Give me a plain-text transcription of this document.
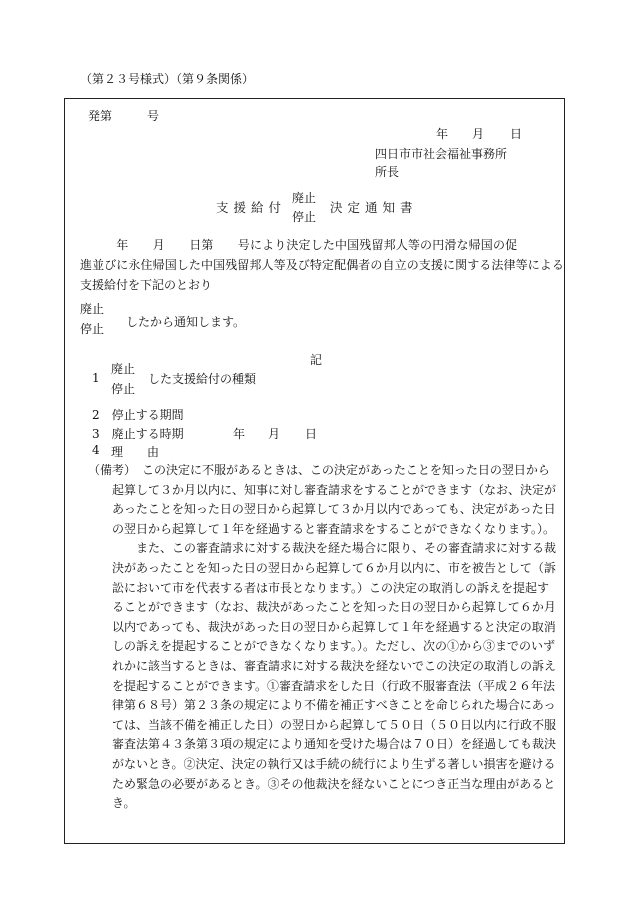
（第２３号様式）（第９条関係）
発第	号
年 月 日
四日市市社会福祉事務所
所長
支援給付
廃止
停止
決定通知書
　　年　　月　　日第　　号により決定した中国残留邦人等の円滑な帰国の促
進並びに永住帰国した中国残留邦人等及び特定配偶者の自立の支援に関する法律等による
支援給付を下記のとおり
廃止
停止 したから通知します。
記
1
廃止
停止
した支援給付の種類
2　停止する期間
3　廃止する時期	年 月 日
4 理　　由

（備考）　この決定に不服があるときは、この決定があったことを知った日の翌日から起算して３か月以内に、知事に対し審査請求をすることができます（なお、決定があったことを知った日の翌日から起算して３か月以内であっても、決定があった日の翌日から起算して１年を経過すると審査請求をすることができなくなります。）。

また、この審査請求に対する裁決を経た場合に限り、その審査請求に対する裁決があったことを知った日の翌日から起算して６か月以内に、市を被告として（訴訟において市を代表する者は市長となります。）この決定の取消しの訴えを提起することができます（なお、裁決があったことを知った日の翌日から起算して６か月以内であっても、裁決があった日の翌日から起算して１年を経過すると決定の取消しの訴えを提起することができなくなります。）。ただし、次の①から③までのいずれかに該当するときは、審査請求に対する裁決を経ないでこの決定の取消しの訴えを提起することができます。①審査請求をした日（行政不服審査法（平成２６年法律第６８号）第２３条の規定により不備を補正すべきことを命じられた場合にあっては、当該不備を補正した日）の翌日から起算して５０日（５０日以内に行政不服審査法第４３条第３項の規定により通知を受けた場合は７０日）を経過しても裁決がないとき。②決定、決定の執行又は手続の続行により生ずる著しい損害を避けるため緊急の必要があるとき。③その他裁決を経ないことにつき正当な理由があるとき。
